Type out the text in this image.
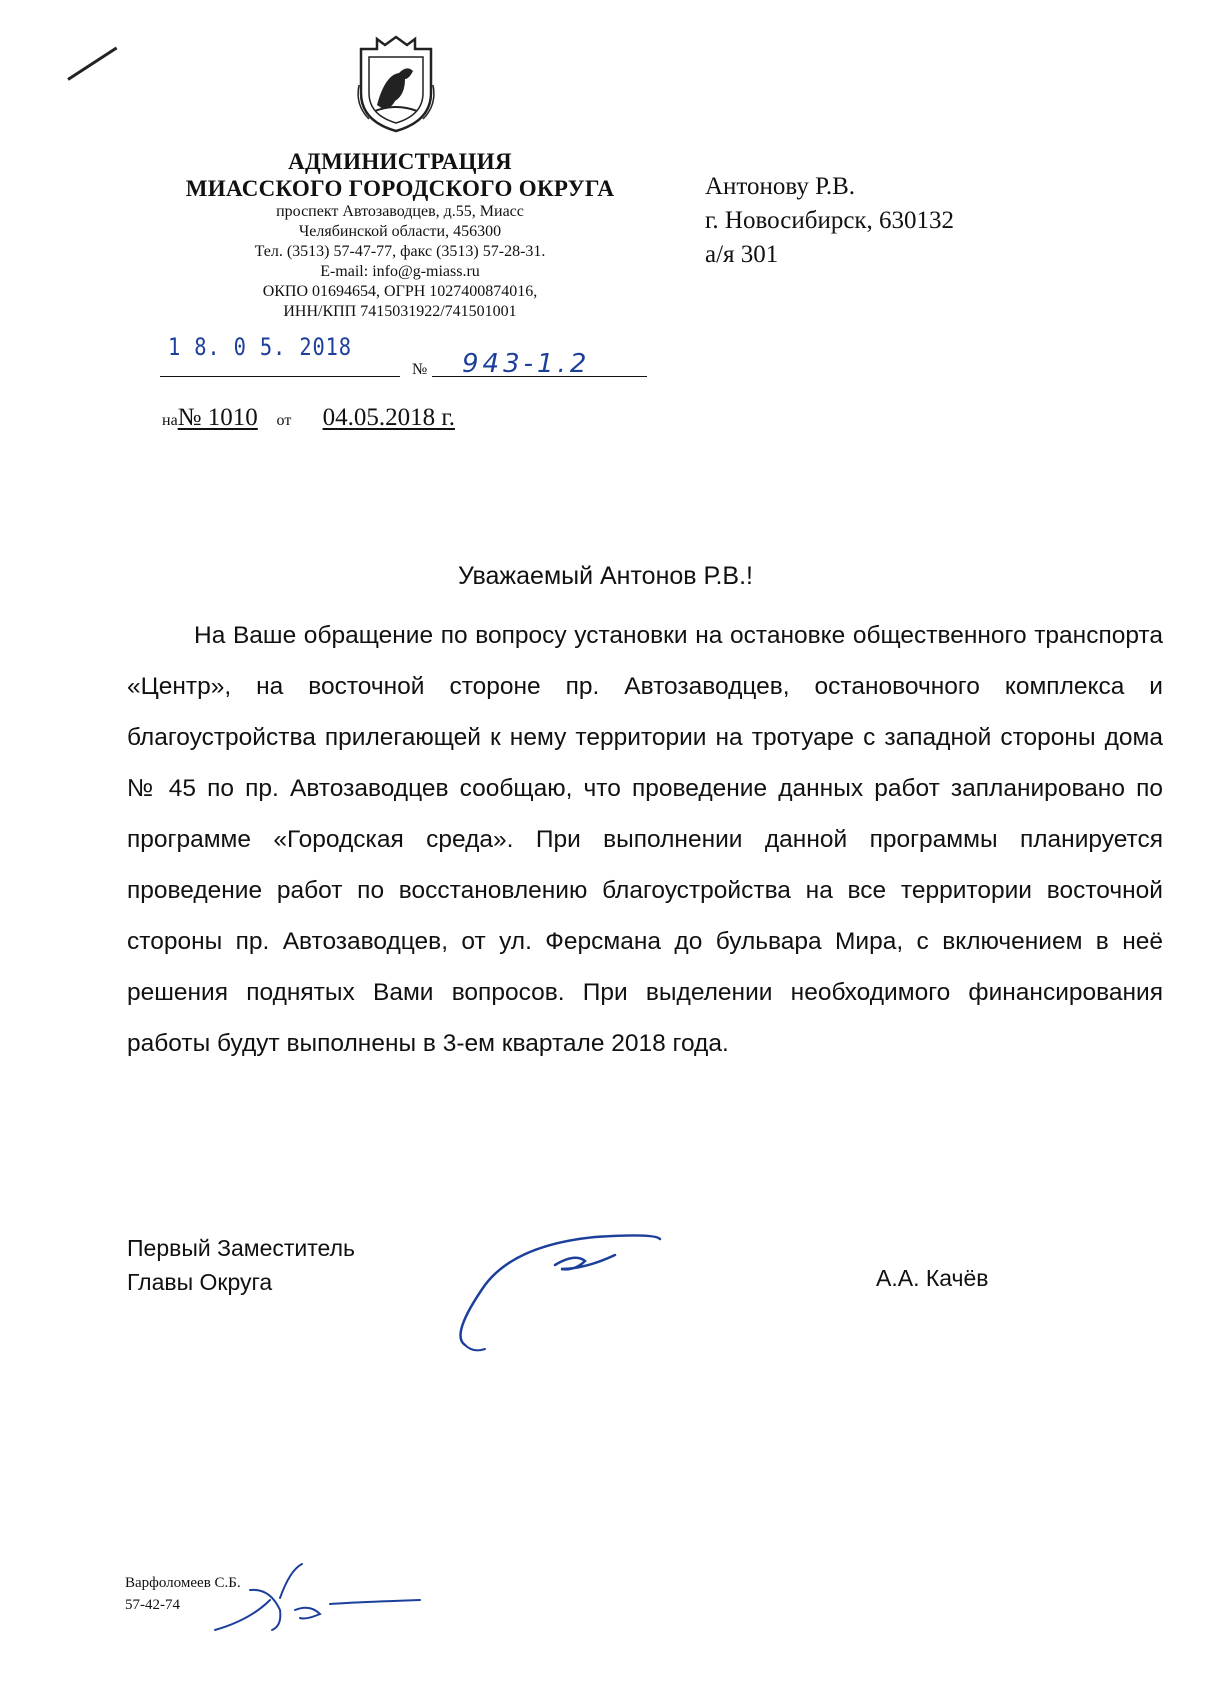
АДМИНИСТРАЦИЯ
МИАССКОГО ГОРОДСКОГО ОКРУГА
проспект Автозаводцев, д.55, Миасс
Челябинской области, 456300
Тел. (3513) 57-47-77, факс (3513) 57-28-31.
E-mail: info@g-miass.ru
ОКПО 01694654, ОГРН 1027400874016,
ИНН/КПП 7415031922/741501001
Антонову Р.В.
г. Новосибирск, 630132
а/я 301
1 8. 0 5. 2018
№ 943-1.2
на№ 1010 от 04.05.2018 г.
Уважаемый Антонов Р.В.!
На Ваше обращение по вопросу установки на остановке общественного транспорта «Центр», на восточной стороне пр. Автозаводцев, остановочного комплекса и благоустройства прилегающей к нему территории на тротуаре с западной стороны дома № 45 по пр. Автозаводцев сообщаю, что проведение данных работ запланировано по программе «Городская среда». При выполнении данной программы планируется проведение работ по восстановлению благоустройства на все территории восточной стороны пр. Автозаводцев, от ул. Ферсмана до бульвара Мира, с включением в неё решения поднятых Вами вопросов. При выделении необходимого финансирования работы будут выполнены в 3-ем квартале 2018 года.
Первый Заместитель
Главы Округа	А.А. Качёв
Варфоломеев С.Б.
57-42-74
